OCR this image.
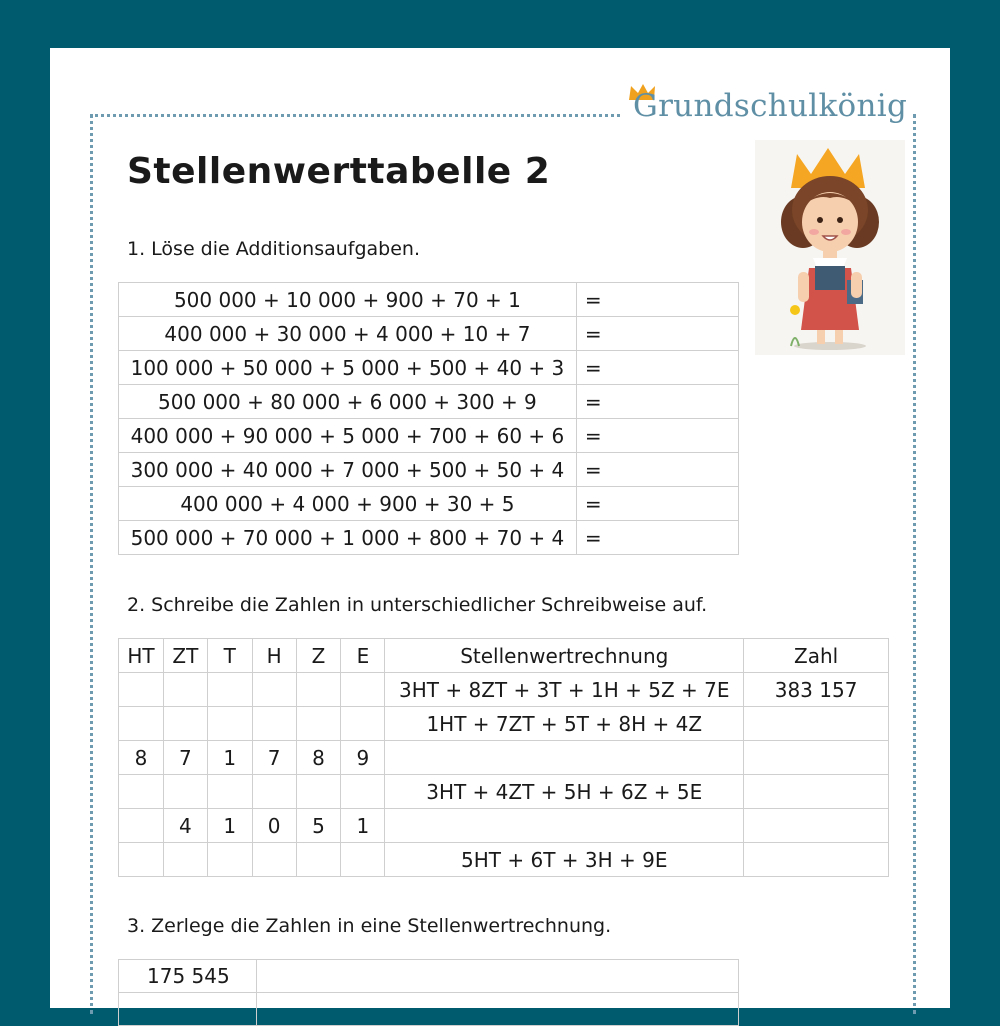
Grundschulkönig
Stellenwerttabelle 2

1. Löse die Additionsaufgaben.

500 000 + 10 000 + 900 + 70 + 1	=
400 000 + 30 000 + 4 000 + 10 + 7	=
100 000 + 50 000 + 5 000 + 500 + 40 + 3	=
500 000 + 80 000 + 6 000 + 300 + 9	=
400 000 + 90 000 + 5 000 + 700 + 60 + 6	=
300 000 + 40 000 + 7 000 + 500 + 50 + 4	=
400 000 + 4 000 + 900 + 30 + 5	=
500 000 + 70 000 + 1 000 + 800 + 70 + 4	=

2. Schreibe die Zahlen in unterschiedlicher Schreibweise auf.

HT	ZT	T	H	Z	E	Stellenwertrechnung	Zahl
						3HT + 8ZT + 3T + 1H + 5Z + 7E	383 157
						1HT + 7ZT + 5T + 8H + 4Z	
8	7	1	7	8	9		
						3HT + 4ZT + 5H + 6Z + 5E	
	4	1	0	5	1		
						5HT + 6T + 3H + 9E	

3. Zerlege die Zahlen in eine Stellenwertrechnung.

175 545	
